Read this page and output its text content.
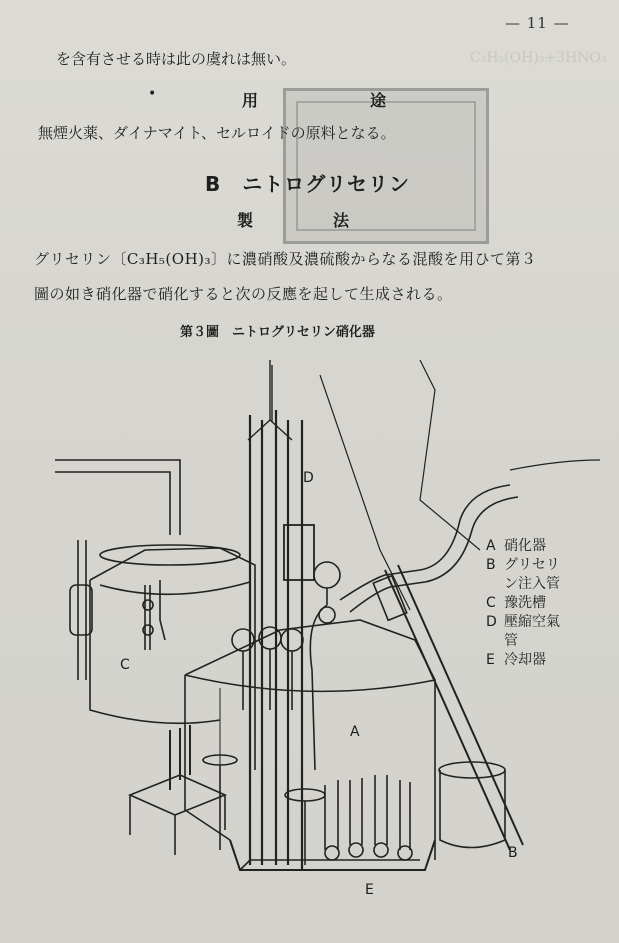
C₃H₅(OH)₃+3HNO₃
— 11 —
を含有させる時は此の虞れは無い。
•	用	途
無煙火薬、ダイナマイト、セルロイドの原料となる。
B　ニトログリセリン
製	法
グリセリン〔C₃H₅(OH)₃〕に濃硝酸及濃硫酸からなる混酸を用ひて第３
圖の如き硝化器で硝化すると次の反應を起して生成される。
第３圖　ニトログリセリン硝化器
D
C
A
B
E
A 硝化器
B グリセリ
ン注入管
C 豫洗槽
D 壓縮空氣
管
E 冷却器
